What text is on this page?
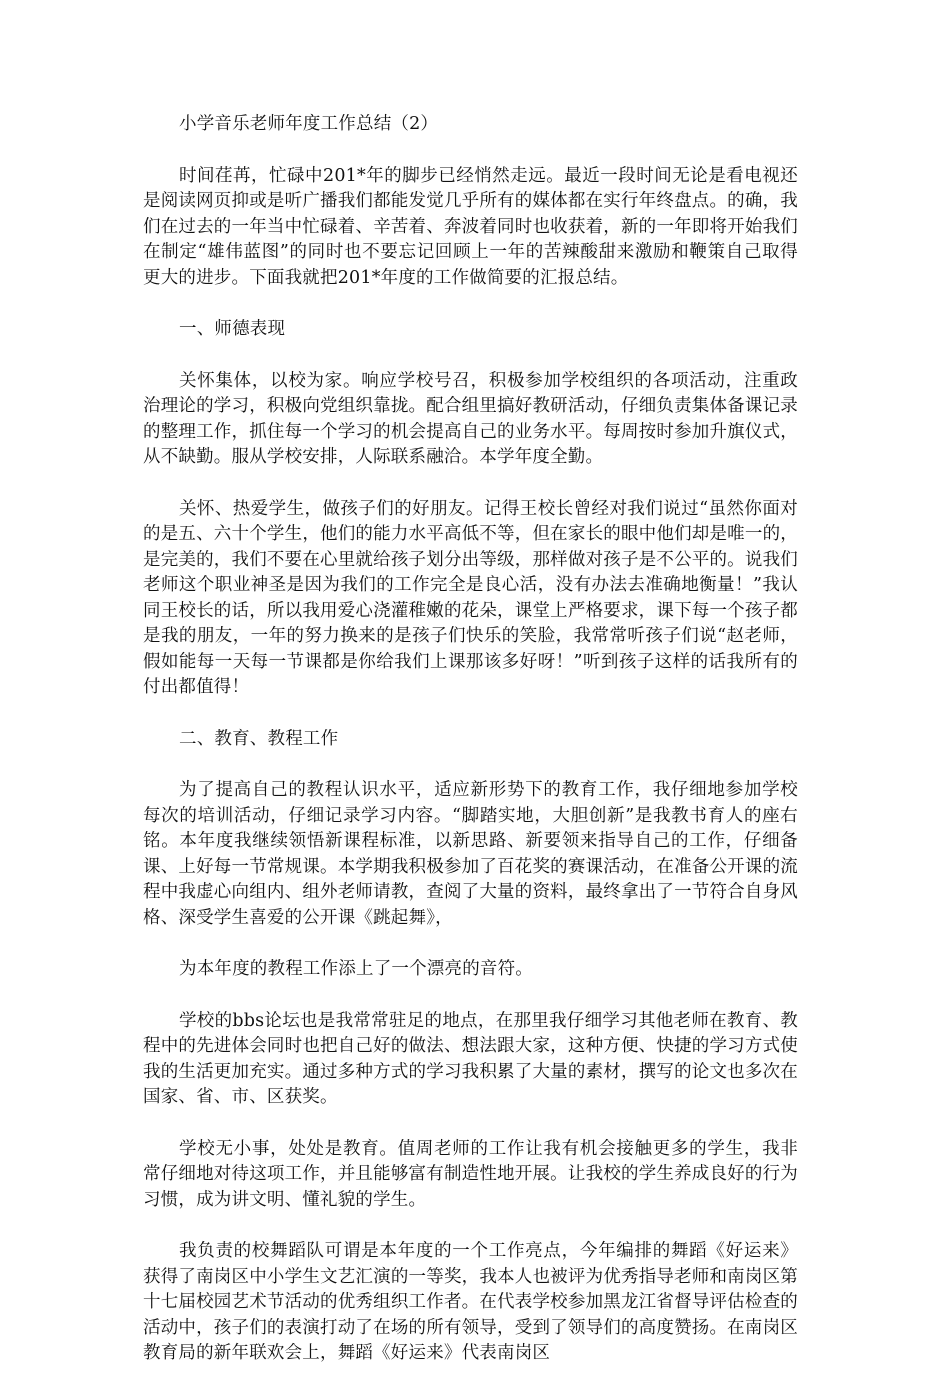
小学音乐老师年度工作总结（2）

时间荏苒，忙碌中201*年的脚步已经悄然走远。最近一段时间无论是看电视还是阅读网页抑或是听广播我们都能发觉几乎所有的媒体都在实行年终盘点。的确，我们在过去的一年当中忙碌着、辛苦着、奔波着同时也收获着，新的一年即将开始我们在制定“雄伟蓝图”的同时也不要忘记回顾上一年的苦辣酸甜来激励和鞭策自己取得更大的进步。下面我就把201*年度的工作做简要的汇报总结。

一、师德表现

关怀集体，以校为家。响应学校号召，积极参加学校组织的各项活动，注重政治理论的学习，积极向党组织靠拢。配合组里搞好教研活动，仔细负责集体备课记录的整理工作，抓住每一个学习的机会提高自己的业务水平。每周按时参加升旗仪式，从不缺勤。服从学校安排，人际联系融洽。本学年度全勤。

关怀、热爱学生，做孩子们的好朋友。记得王校长曾经对我们说过“虽然你面对的是五、六十个学生，他们的能力水平高低不等，但在家长的眼中他们却是唯一的，是完美的，我们不要在心里就给孩子划分出等级，那样做对孩子是不公平的。说我们老师这个职业神圣是因为我们的工作完全是良心活，没有办法去准确地衡量！”我认同王校长的话，所以我用爱心浇灌稚嫩的花朵，课堂上严格要求，课下每一个孩子都是我的朋友，一年的努力换来的是孩子们快乐的笑脸，我常常听孩子们说“赵老师，假如能每一天每一节课都是你给我们上课那该多好呀！”听到孩子这样的话我所有的付出都值得！

二、教育、教程工作

为了提高自己的教程认识水平，适应新形势下的教育工作，我仔细地参加学校每次的培训活动，仔细记录学习内容。“脚踏实地，大胆创新”是我教书育人的座右铭。本年度我继续领悟新课程标准，以新思路、新要领来指导自己的工作，仔细备课、上好每一节常规课。本学期我积极参加了百花奖的赛课活动，在准备公开课的流程中我虚心向组内、组外老师请教，查阅了大量的资料，最终拿出了一节符合自身风格、深受学生喜爱的公开课《跳起舞》，

为本年度的教程工作添上了一个漂亮的音符。

学校的bbs论坛也是我常常驻足的地点，在那里我仔细学习其他老师在教育、教程中的先进体会同时也把自己好的做法、想法跟大家，这种方便、快捷的学习方式使我的生活更加充实。通过多种方式的学习我积累了大量的素材，撰写的论文也多次在国家、省、市、区获奖。

学校无小事，处处是教育。值周老师的工作让我有机会接触更多的学生，我非常仔细地对待这项工作，并且能够富有制造性地开展。让我校的学生养成良好的行为习惯，成为讲文明、懂礼貌的学生。

我负责的校舞蹈队可谓是本年度的一个工作亮点，今年编排的舞蹈《好运来》获得了南岗区中小学生文艺汇演的一等奖，我本人也被评为优秀指导老师和南岗区第十七届校园艺术节活动的优秀组织工作者。在代表学校参加黑龙江省督导评估检查的活动中，孩子们的表演打动了在场的所有领导，受到了领导们的高度赞扬。在南岗区教育局的新年联欢会上，舞蹈《好运来》代表南岗区
